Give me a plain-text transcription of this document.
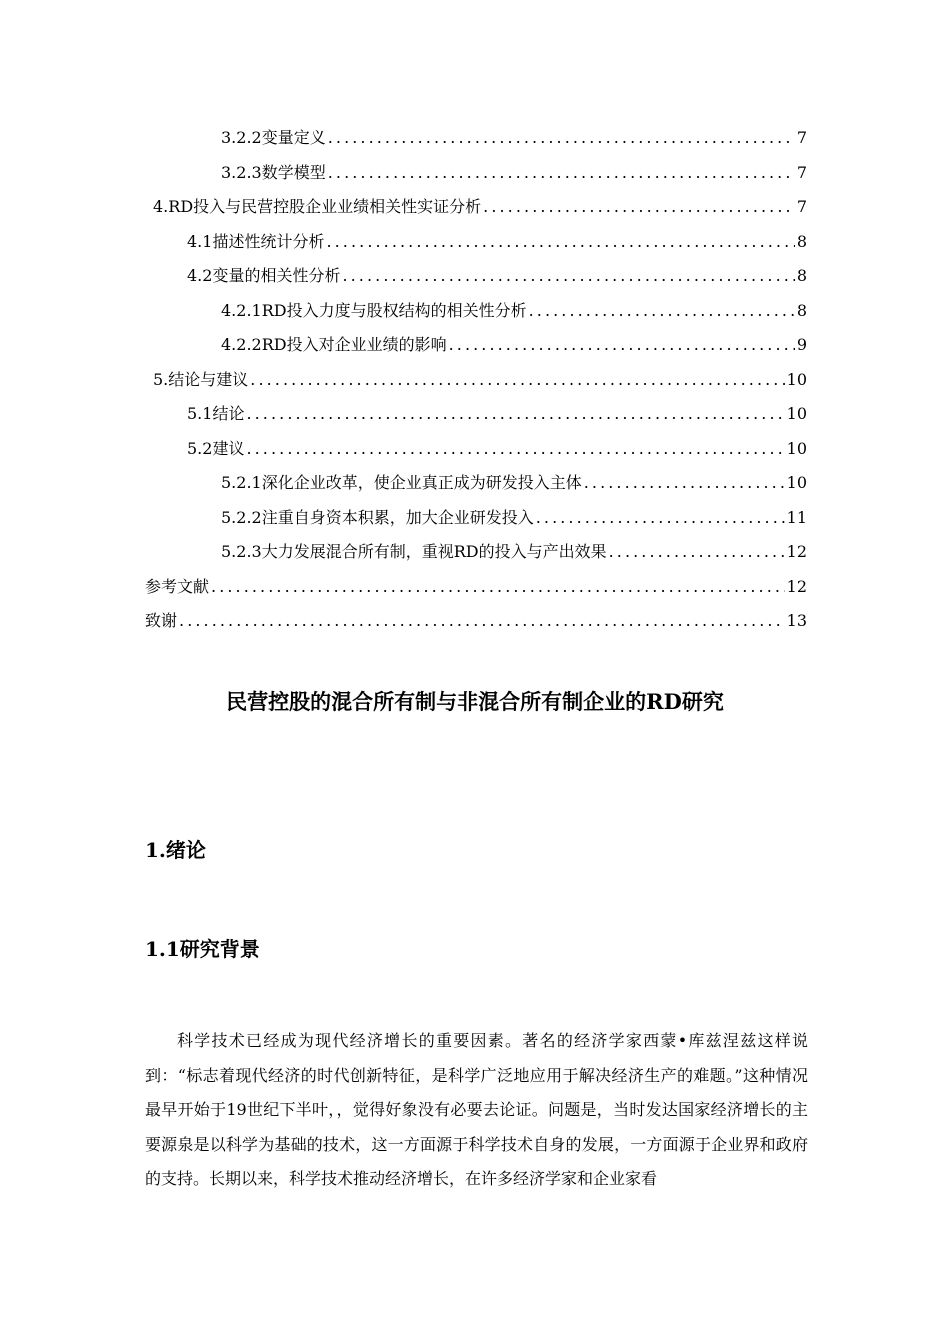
3.2.2变量定义 . . .	7
3.2.3数学模型 . . .	7
4.RD投入与民营控股企业业绩相关性实证分析 . . .	7
4.1描述性统计分析 . . .	8
4.2变量的相关性分析 . . .	8
4.2.1RD投入力度与股权结构的相关性分析 . . .	8
4.2.2RD投入对企业业绩的影响 . . .	9
5.结论与建议 . . .	10
5.1结论 . . .	10
5.2建议 . . .	10
5.2.1深化企业改革，使企业真正成为研发投入主体 . . .	10
5.2.2注重自身资本积累，加大企业研发投入 . . .	11
5.2.3大力发展混合所有制，重视RD的投入与产出效果 . . .	12
参考文献 . . .	12
致谢 . . .	13
民营控股的混合所有制与非混合所有制企业的RD研究
1.绪论
1.1研究背景

科学技术已经成为现代经济增长的重要因素。著名的经济学家西蒙•库兹涅兹这样说到：“标志着现代经济的时代创新特征，是科学广泛地应用于解决经济生产的难题。”这种情况最早开始于19世纪下半叶，，觉得好象没有必要去论证。问题是，当时发达国家经济增长的主要源泉是以科学为基础的技术，这一方面源于科学技术自身的发展，一方面源于企业界和政府的支持。长期以来，科学技术推动经济增长，在许多经济学家和企业家看
